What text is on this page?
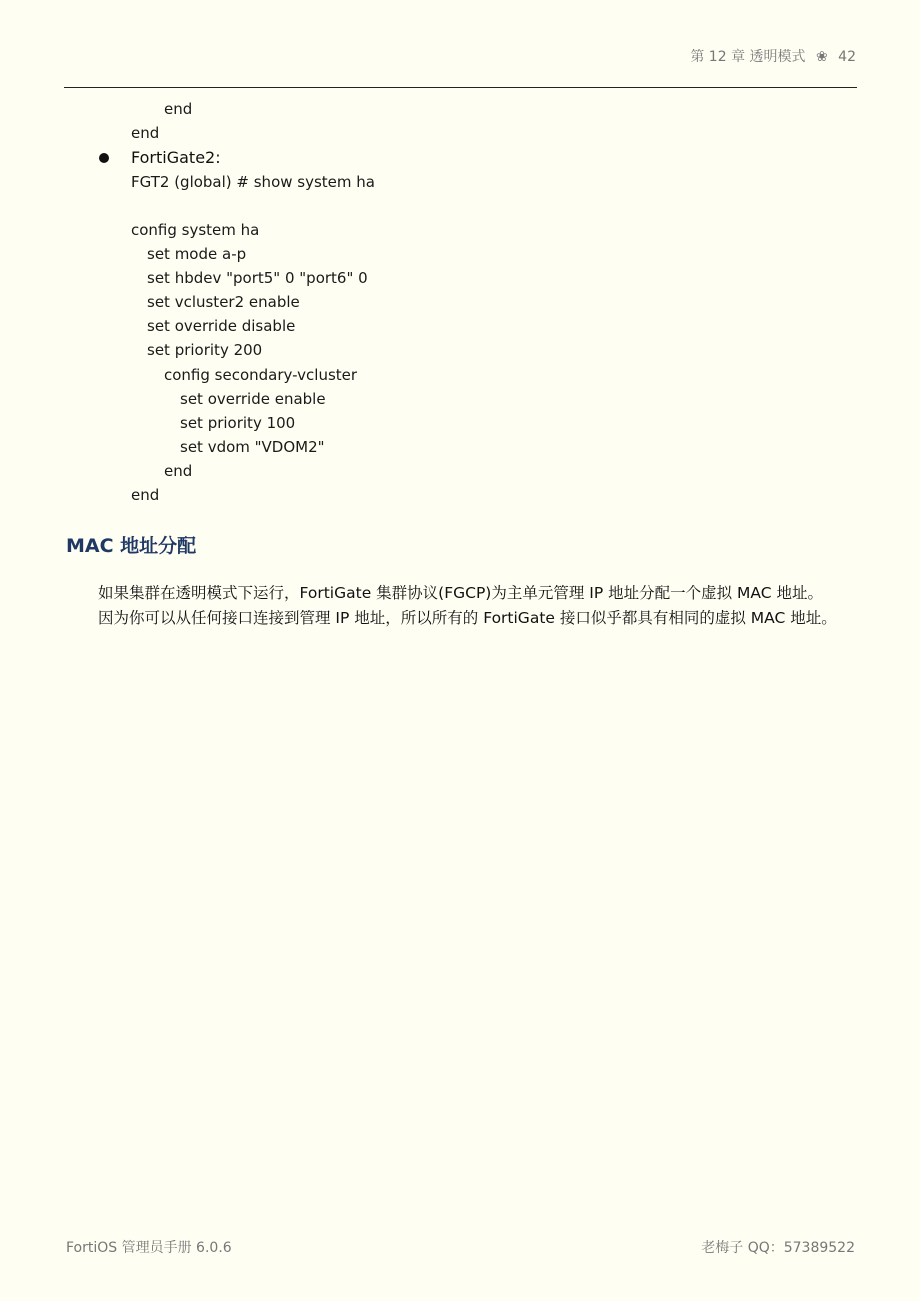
第 12 章 透明模式 ❀ 42
end
end
FortiGate2:
FGT2 (global) # show system ha
config system ha
set mode a-p
set hbdev "port5" 0 "port6" 0
set vcluster2 enable
set override disable
set priority 200
config secondary-vcluster
set override enable
set priority 100
set vdom "VDOM2"
end
end
MAC 地址分配
如果集群在透明模式下运行，FortiGate 集群协议(FGCP)为主单元管理 IP 地址分配一个虚拟 MAC 地址。
因为你可以从任何接口连接到管理 IP 地址，所以所有的 FortiGate 接口似乎都具有相同的虚拟 MAC 地址。
FortiOS 管理员手册 6.0.6	老梅子 QQ：57389522
